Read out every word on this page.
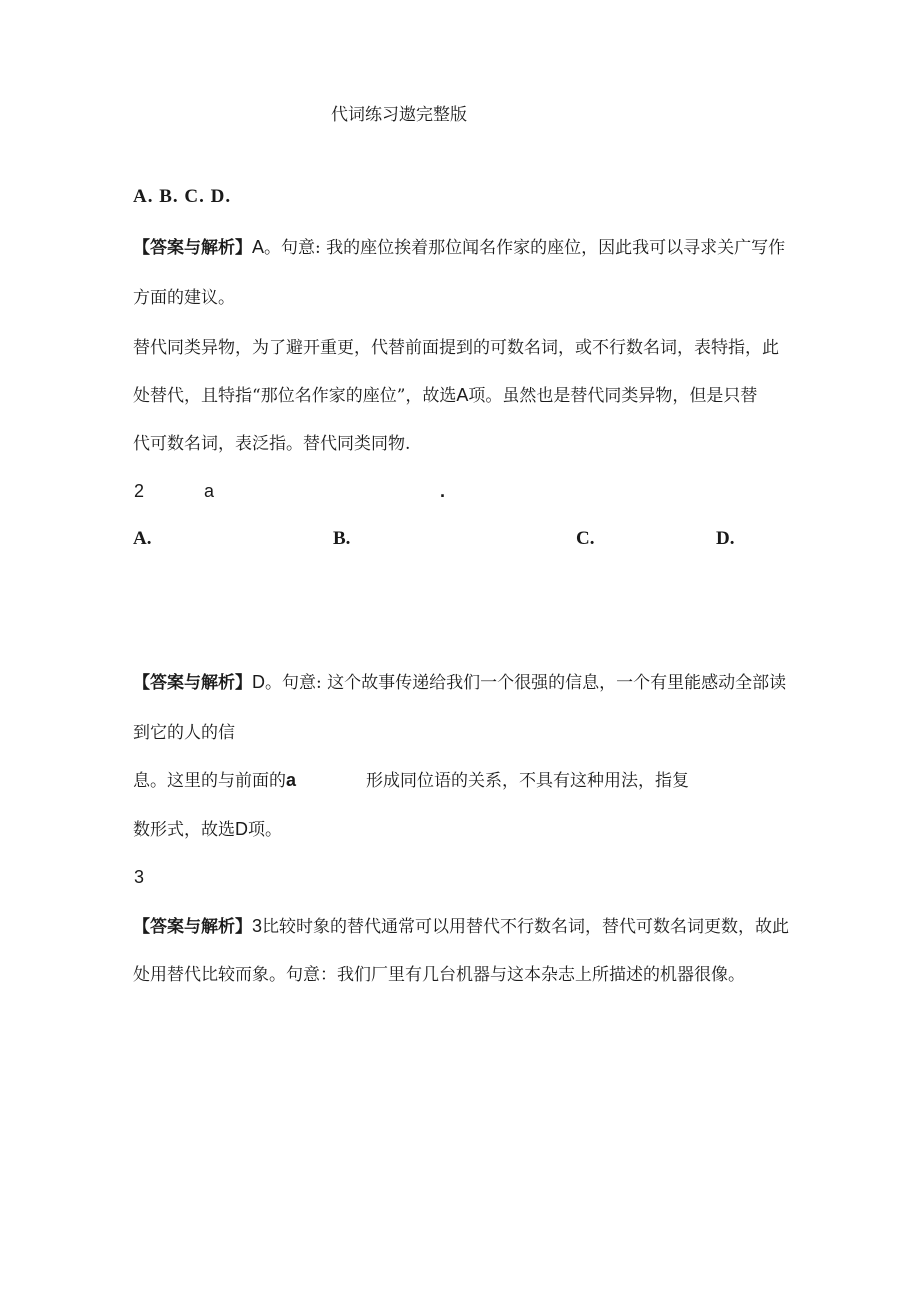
代词练习遨完整版
A. B. C. D.
【答案与解析】A。句意: 我的座位挨着那位闻名作家的座位，因此我可以寻求关广写作
方面的建议。
替代同类异物，为了避开重更，代替前面提到的可数名词，或不行数名词，表特指，此
处替代，且特指“那位名作家的座位”，故选A项。虽然也是替代同类异物，但是只替
代可数名词，表泛指。替代同类同物.
2	a	.
A.	B.	C.	D.
【答案与解析】D。句意: 这个故事传递给我们一个很强的信息，一个有里能感动全部读
到它的人的信
息。这里的与前面的a	形成同位语的关系，不具有这种用法，指复
数形式，故选D项。
3
【答案与解析】3比较时象的替代通常可以用替代不行数名词，替代可数名词更数，故此
处用替代比较而象。句意：我们厂里有几台机器与这本杂志上所描述的机器很像。
